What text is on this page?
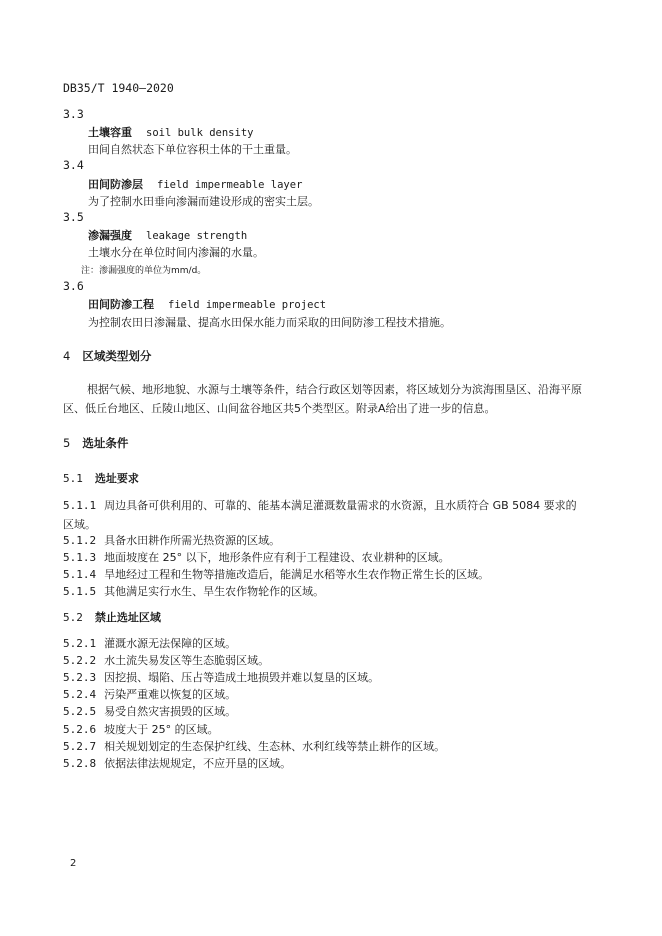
DB35/T 1940—2020
3.3
土壤容重 soil bulk density
田间自然状态下单位容积土体的干土重量。
3.4
田间防渗层 field impermeable layer
为了控制水田垂向渗漏而建设形成的密实土层。
3.5
渗漏强度 leakage strength
土壤水分在单位时间内渗漏的水量。
注：渗漏强度的单位为mm/d。
3.6
田间防渗工程 field impermeable project
为控制农田日渗漏量、提高水田保水能力而采取的田间防渗工程技术措施。
4 区域类型划分
根据气候、地形地貌、水源与土壤等条件，结合行政区划等因素，将区域划分为滨海围垦区、沿海平原区、低丘台地区、丘陵山地区、山间盆谷地区共5个类型区。附录A给出了进一步的信息。
5 选址条件
5.1 选址要求
5.1.1 周边具备可供利用的、可靠的、能基本满足灌溉数量需求的水资源，且水质符合 GB 5084 要求的区域。
5.1.2 具备水田耕作所需光热资源的区域。
5.1.3 地面坡度在 25° 以下，地形条件应有利于工程建设、农业耕种的区域。
5.1.4 旱地经过工程和生物等措施改造后，能满足水稻等水生农作物正常生长的区域。
5.1.5 其他满足实行水生、旱生农作物轮作的区域。
5.2 禁止选址区域
5.2.1 灌溉水源无法保障的区域。
5.2.2 水土流失易发区等生态脆弱区域。
5.2.3 因挖损、塌陷、压占等造成土地损毁并难以复垦的区域。
5.2.4 污染严重难以恢复的区域。
5.2.5 易受自然灾害损毁的区域。
5.2.6 坡度大于 25° 的区域。
5.2.7 相关规划划定的生态保护红线、生态林、水利红线等禁止耕作的区域。
5.2.8 依据法律法规规定，不应开垦的区域。
2
